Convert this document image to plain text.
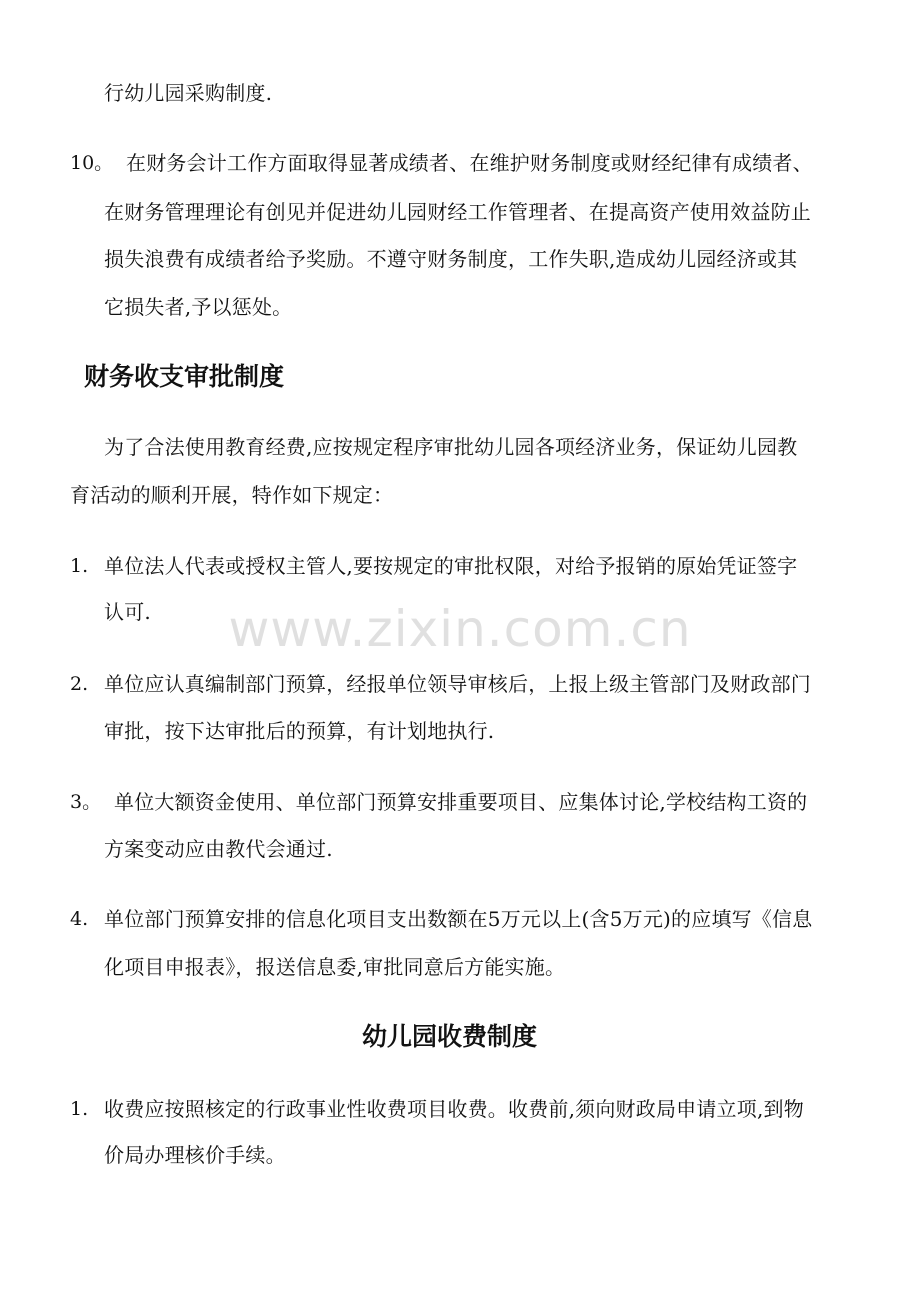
行幼儿园采购制度.
10。 在财务会计工作方面取得显著成绩者、在维护财务制度或财经纪律有成绩者、
在财务管理理论有创见并促进幼儿园财经工作管理者、在提高资产使用效益防止
损失浪费有成绩者给予奖励。不遵守财务制度，工作失职,造成幼儿园经济或其
它损失者,予以惩处。
财务收支审批制度
为了合法使用教育经费,应按规定程序审批幼儿园各项经济业务，保证幼儿园教
育活动的顺利开展，特作如下规定：
1. 单位法人代表或授权主管人,要按规定的审批权限，对给予报销的原始凭证签字
认可.
2. 单位应认真编制部门预算，经报单位领导审核后，上报上级主管部门及财政部门
审批，按下达审批后的预算，有计划地执行.
3。 单位大额资金使用、单位部门预算安排重要项目、应集体讨论,学校结构工资的
方案变动应由教代会通过.
4. 单位部门预算安排的信息化项目支出数额在5万元以上(含5万元)的应填写《信息
化项目申报表》，报送信息委,审批同意后方能实施。
幼儿园收费制度
1. 收费应按照核定的行政事业性收费项目收费。收费前,须向财政局申请立项,到物
价局办理核价手续。
www.zixin.com.cn
